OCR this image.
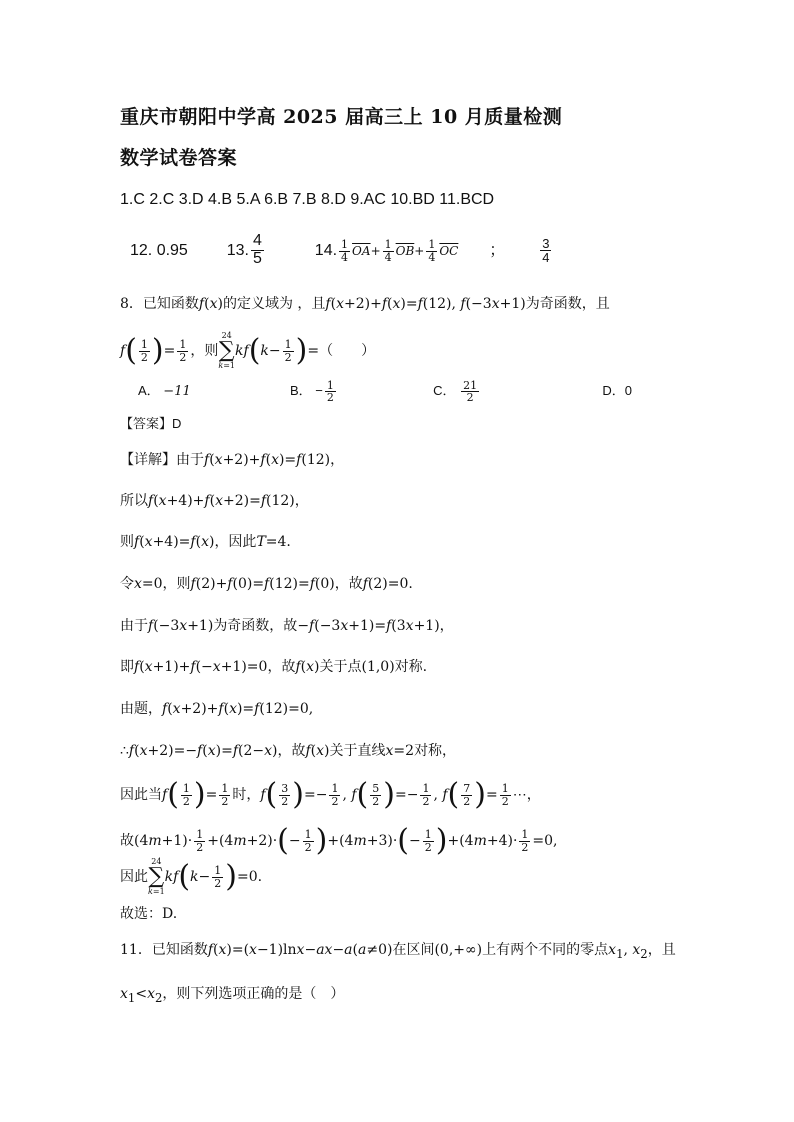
重庆市朝阳中学高 2025 届高三上 10 月质量检测
数学试卷答案
1.C 2.C 3.D 4.B 5.A 6.B 7.B 8.D 9.AC 10.BD 11.BCD
12. 0.95 13. $\frac{4}{5}$	14. $\frac{1}{4} \overline{OA}+ \frac{1}{4} \overline{OB}+ \frac{1}{4} \overline{OC}$ ；	$\frac{3}{4}$
8．已知函数f(x)的定义域为 ，且f(x+2)+f(x)=f(12), f(−3x+1)为奇函数，且
$f( \frac{1}{2}$ )= $\frac{1}{2}$ ，则
24
∑
k=1
$kf(k- \frac{1}{2}$ )=（　　）
A． −11	B． − $\frac{1}{2}$	C． $\frac{21}{2}$	D．0
【答案】D
【详解】由于f(x+2)+f(x)=f(12)，
所以f(x+4)+f(x+2)=f(12)，
则f(x+4)=f(x)，因此T=4.
令x=0，则f(2)+f(0)=f(12)=f(0)，故f(2)=0.
由于f(−3x+1)为奇函数，故−f(−3x+1)=f(3x+1)，
即f(x+1)+f(−x+1)=0，故f(x)关于点(1,0)对称.
由题，f(x+2)+f(x)=f(12)=0,
∴f(x+2)=−f(x)=f(2−x)，故f(x)关于直线x=2对称，
因此当$f( \frac{1}{2}$ )= $\frac{1}{2}$ 时，$f( \frac{3}{2}$ )=− $\frac{1}{2}$ , $f( \frac{5}{2}$ )=− $\frac{1}{2}$ , $f( \frac{7}{2}$ )= $\frac{1}{2}$ ⋯，
故$(4m+1)\cdot \frac{1}{2} +(4m+2)\cdot(- \frac{1}{2} )+(4m+3)\cdot(- \frac{1}{2} )+(4m+4)\cdot \frac{1}{2} =0$,
因此
24
∑
k=1
$kf(k- \frac{1}{2} )=0$.
故选：D.
11．已知函数f(x)=(x−1)lnx−ax−a(a≠0)在区间(0,+∞)上有两个不同的零点$x_1$, $x_2$，且
$x_1<x_2$，则下列选项正确的是（　）
